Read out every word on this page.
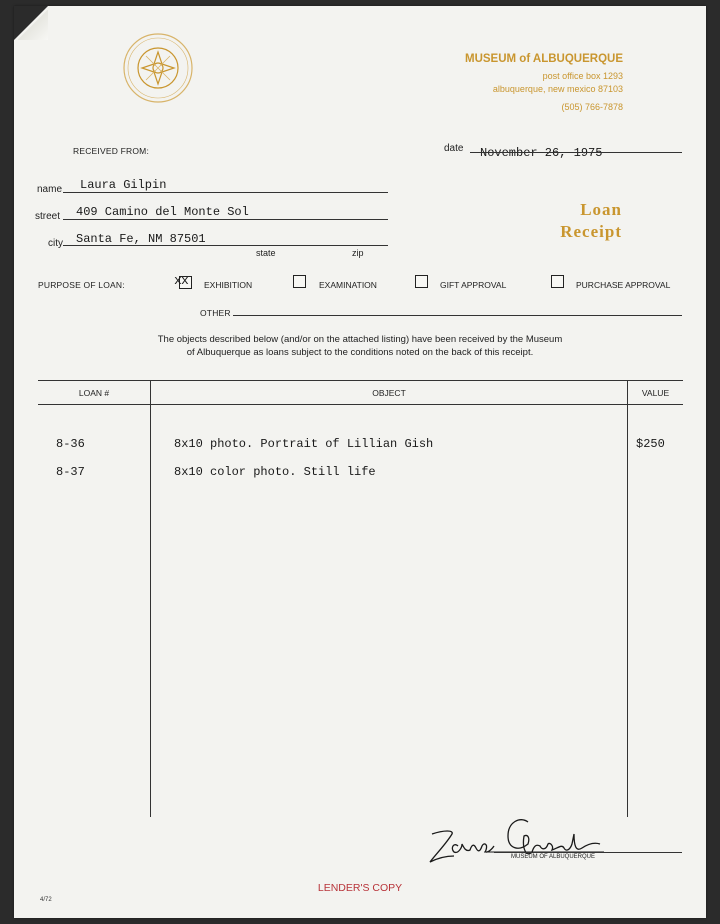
MUSEUM of ALBUQUERQUE
post office box 1293
albuquerque, new mexico 87103
(505) 766-7878
RECEIVED FROM:	date November 26, 1975
name Laura Gilpin
street 409 Camino del Monte Sol
city Santa Fe, NM 87501
state	zip
Loan
Receipt
PURPOSE OF LOAN:	x x EXHIBITION	EXAMINATION	GIFT APPROVAL	PURCHASE APPROVAL
OTHER
The objects described below (and/or on the attached listing) have been received by the Museum
of Albuquerque as loans subject to the conditions noted on the back of this receipt.
LOAN #	OBJECT	VALUE
8-36	8x10 photo. Portrait of Lillian Gish	$250
8-37	8x10 color photo. Still life
MUSEUM OF ALBUQUERQUE
LENDER'S COPY
4/72
